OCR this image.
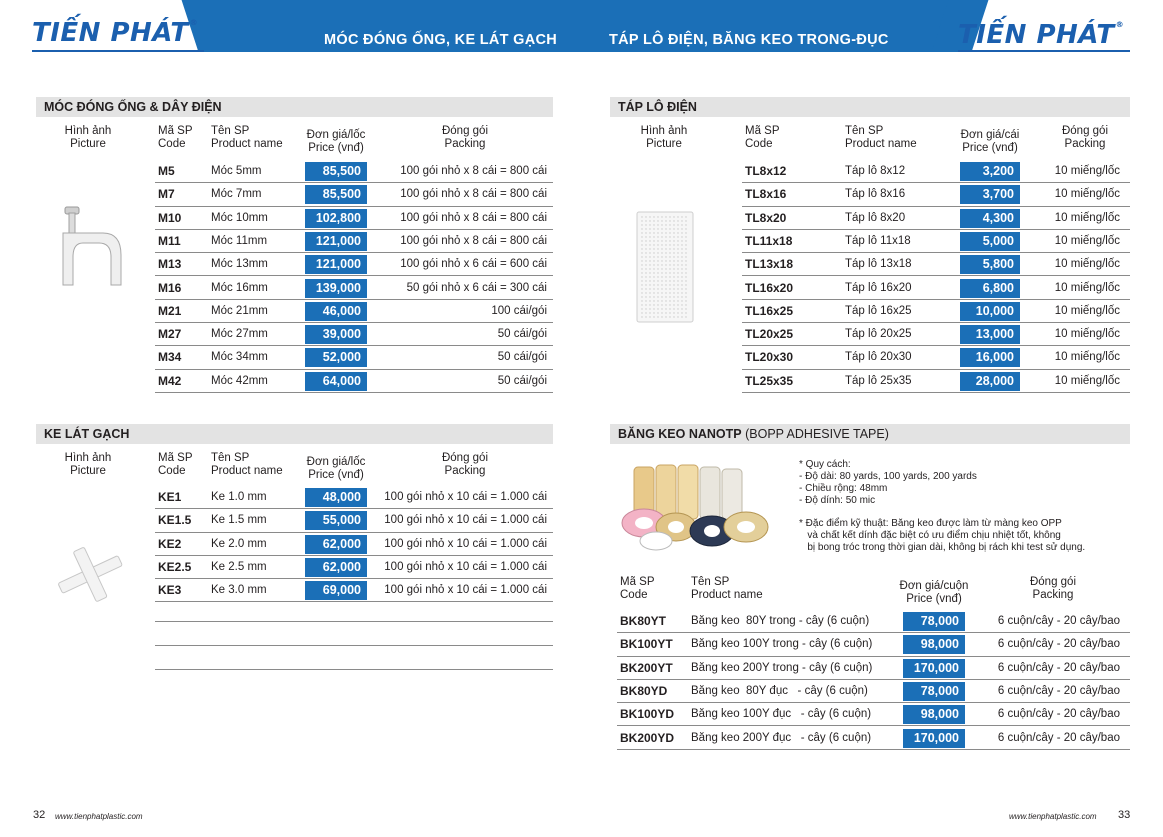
TIẾN PHÁT®	TIẾN PHÁT®
MÓC ĐÓNG ỐNG, KE LÁT GẠCH	TÁP LÔ ĐIỆN, BĂNG KEO TRONG-ĐỤC
MÓC ĐÓNG ỐNG & DÂY ĐIỆN
Hình ảnh
Picture
Mã SP
Code
Tên SP
Product name
Đơn giá/lốc
Price (vnđ)
Đóng gói
Packing
M5	Móc 5mm	85,500	100 gói nhỏ x 8 cái = 800 cái
M7	Móc 7mm	85,500	100 gói nhỏ x 8 cái = 800 cái
M10	Móc 10mm	102,800	100 gói nhỏ x 8 cái = 800 cái
M11	Móc 11mm	121,000	100 gói nhỏ x 8 cái = 800 cái
M13	Móc 13mm	121,000	100 gói nhỏ x 6 cái = 600 cái
M16	Móc 16mm	139,000	50 gói nhỏ x 6 cái = 300 cái
M21	Móc 21mm	46,000	100 cái/gói
M27	Móc 27mm	39,000	50 cái/gói
M34	Móc 34mm	52,000	50 cái/gói
M42	Móc 42mm	64,000	50 cái/gói
KE LÁT GẠCH
Hình ảnh
Picture
Mã SP
Code
Tên SP
Product name
Đơn giá/lốc
Price (vnđ)
Đóng gói
Packing
KE1	Ke 1.0 mm	48,000	100 gói nhỏ x 10 cái = 1.000 cái
KE1.5 Ke 1.5 mm	55,000	100 gói nhỏ x 10 cái = 1.000 cái
KE2	Ke 2.0 mm	62,000	100 gói nhỏ x 10 cái = 1.000 cái
KE2.5 Ke 2.5 mm	62,000	100 gói nhỏ x 10 cái = 1.000 cái
KE3	Ke 3.0 mm	69,000	100 gói nhỏ x 10 cái = 1.000 cái
TÁP LÔ ĐIỆN
Hình ảnh
Picture
Mã SP
Code
Tên SP
Product name
Đơn giá/cái
Price (vnđ)
Đóng gói
Packing
TL8x12	Táp lô 8x12	3,200	10 miếng/lốc
TL8x16	Táp lô 8x16	3,700	10 miếng/lốc
TL8x20	Táp lô 8x20	4,300	10 miếng/lốc
TL11x18	Táp lô 11x18	5,000	10 miếng/lốc
TL13x18	Táp lô 13x18	5,800	10 miếng/lốc
TL16x20	Táp lô 16x20	6,800	10 miếng/lốc
TL16x25	Táp lô 16x25	10,000	10 miếng/lốc
TL20x25	Táp lô 20x25	13,000	10 miếng/lốc
TL20x30	Táp lô 20x30	16,000	10 miếng/lốc
TL25x35	Táp lô 25x35	28,000	10 miếng/lốc
BĂNG KEO NANOTP (BOPP ADHESIVE TAPE)
* Quy cách:
- Độ dài: 80 yards, 100 yards, 200 yards
- Chiều rộng: 48mm
- Độ dính: 50 mic
* Đặc điểm kỹ thuật: Băng keo được làm từ màng keo OPP
và chất kết dính đặc biệt có ưu điểm chịu nhiệt tốt, không
bị bong tróc trong thời gian dài, không bị rách khi test sử dụng.
Mã SP
Code
Tên SP
Product name
Đơn giá/cuộn
Price (vnđ)
Đóng gói
Packing
BK80YT Băng keo  80Y trong - cây (6 cuộn)	78,000	6 cuộn/cây - 20 cây/bao
BK100YT Băng keo 100Y trong - cây (6 cuộn)	98,000	6 cuộn/cây - 20 cây/bao
BK200YT Băng keo 200Y trong - cây (6 cuộn)	170,000	6 cuộn/cây - 20 cây/bao
BK80YD Băng keo  80Y đục   - cây (6 cuộn)	78,000	6 cuộn/cây - 20 cây/bao
BK100YD Băng keo 100Y đục   - cây (6 cuộn)	98,000	6 cuộn/cây - 20 cây/bao
BK200YD Băng keo 200Y đục   - cây (6 cuộn)	170,000	6 cuộn/cây - 20 cây/bao
32 www.tienphatplastic.com	www.tienphatplastic.com 33
